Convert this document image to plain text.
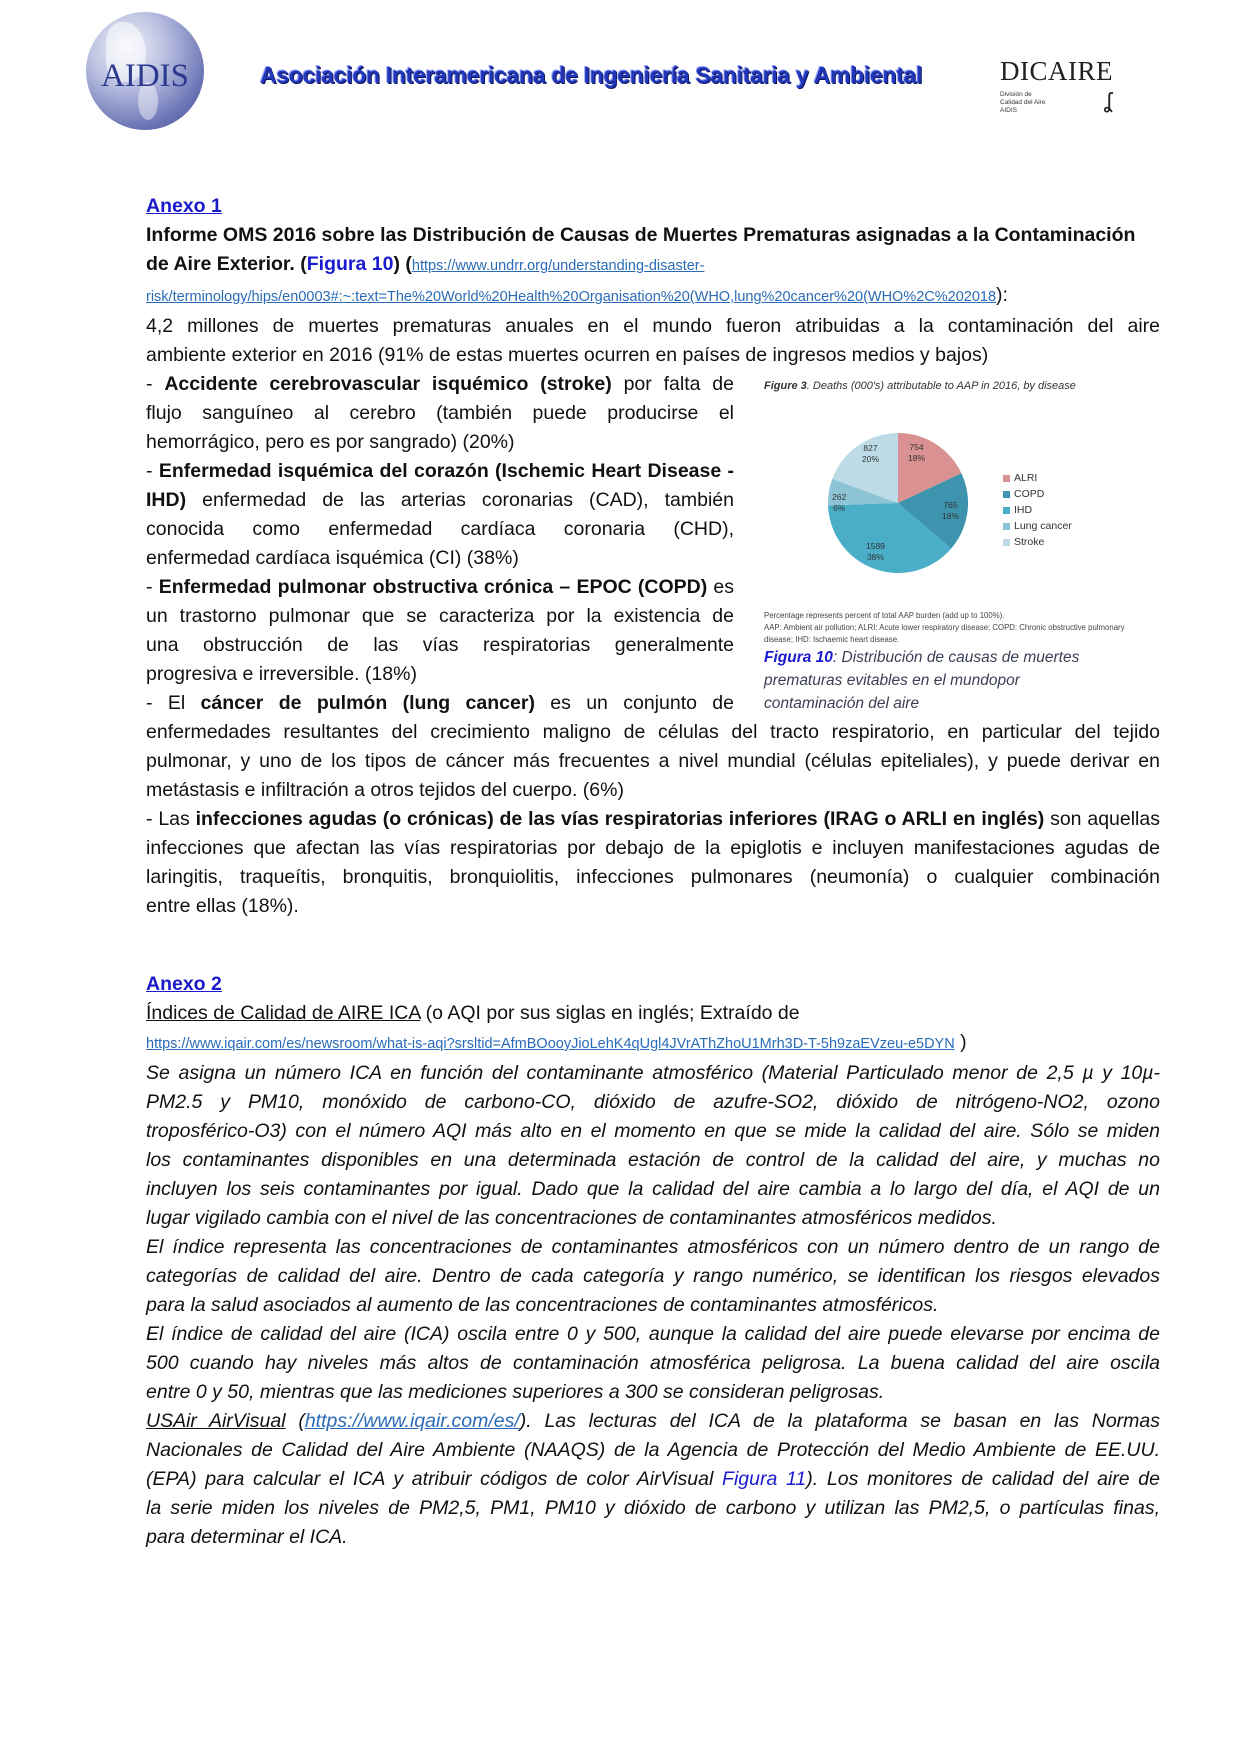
AIDIS	Asociación Interamericana de Ingeniería Sanitaria y Ambiental	DICAIRE
División de
Calidad del Aire
AIDIS	ʆ
Anexo 1
Informe OMS 2016 sobre las Distribución de Causas de Muertes Prematuras asignadas a la Contaminación
de Aire Exterior. (Figura 10) (https://www.undrr.org/understanding-disaster-
risk/terminology/hips/en0003#:~:text=The%20World%20Health%20Organisation%20(WHO,lung%20cancer%20(WHO%2C%202018):
4,2 millones de muertes prematuras anuales en el mundo fueron atribuidas a la contaminación del aire
ambiente exterior en 2016 (91% de estas muertes ocurren en países de ingresos medios y bajos)
- Accidente cerebrovascular isquémico (stroke) por falta de
flujo sanguíneo al cerebro (también puede producirse el
hemorrágico, pero es por sangrado) (20%)
- Enfermedad isquémica del corazón (Ischemic Heart Disease -
IHD) enfermedad de las arterias coronarias (CAD), también
conocida como enfermedad cardíaca coronaria (CHD),
enfermedad cardíaca isquémica (CI) (38%)
- Enfermedad pulmonar obstructiva crónica – EPOC (COPD) es
un trastorno pulmonar que se caracteriza por la existencia de
una obstrucción de las vías respiratorias generalmente
progresiva e irreversible. (18%)
- El cáncer de pulmón (lung cancer) es un conjunto de
enfermedades resultantes del crecimiento maligno de células del tracto respiratorio, en particular del tejido
pulmonar, y uno de los tipos de cáncer más frecuentes a nivel mundial (células epiteliales), y puede derivar en
metástasis e infiltración a otros tejidos del cuerpo. (6%)
- Las infecciones agudas (o crónicas) de las vías respiratorias inferiores (IRAG o ARLI en inglés) son aquellas
infecciones que afectan las vías respiratorias por debajo de la epiglotis e incluyen manifestaciones agudas de
laringitis, traqueítis, bronquitis, bronquiolitis, infecciones pulmonares (neumonía) o cualquier combinación
entre ellas (18%).
Figure 3. Deaths (000's) attributable to AAP in 2016, by disease
754
18%
765
18%
1589
38%
262
6%
827
20%
ALRI
COPD
IHD
Lung cancer
Stroke
Percentage represents percent of total AAP burden (add up to 100%).
AAP: Ambient air pollution; ALRI: Acute lower respiratory disease; COPD: Chronic obstructive pulmonary
disease; IHD: Ischaemic heart disease.
Figura 10: Distribución de causas de muertes
prematuras evitables en el mundopor
contaminación del aire
Anexo 2
Índices de Calidad de AIRE ICA (o AQI por sus siglas en inglés; Extraído de
https://www.iqair.com/es/newsroom/what-is-aqi?srsltid=AfmBOooyJioLehK4qUgl4JVrAThZhoU1Mrh3D-T-5h9zaEVzeu-e5DYN )
Se asigna un número ICA en función del contaminante atmosférico (Material Particulado menor de 2,5 µ y 10µ-
PM2.5 y PM10, monóxido de carbono-CO, dióxido de azufre-SO2, dióxido de nitrógeno-NO2, ozono
troposférico-O3) con el número AQI más alto en el momento en que se mide la calidad del aire. Sólo se miden
los contaminantes disponibles en una determinada estación de control de la calidad del aire, y muchas no
incluyen los seis contaminantes por igual. Dado que la calidad del aire cambia a lo largo del día, el AQI de un
lugar vigilado cambia con el nivel de las concentraciones de contaminantes atmosféricos medidos.
El índice representa las concentraciones de contaminantes atmosféricos con un número dentro de un rango de
categorías de calidad del aire. Dentro de cada categoría y rango numérico, se identifican los riesgos elevados
para la salud asociados al aumento de las concentraciones de contaminantes atmosféricos.
El índice de calidad del aire (ICA) oscila entre 0 y 500, aunque la calidad del aire puede elevarse por encima de
500 cuando hay niveles más altos de contaminación atmosférica peligrosa. La buena calidad del aire oscila
entre 0 y 50, mientras que las mediciones superiores a 300 se consideran peligrosas.
USAir AirVisual (https://www.iqair.com/es/). Las lecturas del ICA de la plataforma se basan en las Normas
Nacionales de Calidad del Aire Ambiente (NAAQS) de la Agencia de Protección del Medio Ambiente de EE.UU.
(EPA) para calcular el ICA y atribuir códigos de color AirVisual Figura 11). Los monitores de calidad del aire de
la serie miden los niveles de PM2,5, PM1, PM10 y dióxido de carbono y utilizan las PM2,5, o partículas finas,
para determinar el ICA.
